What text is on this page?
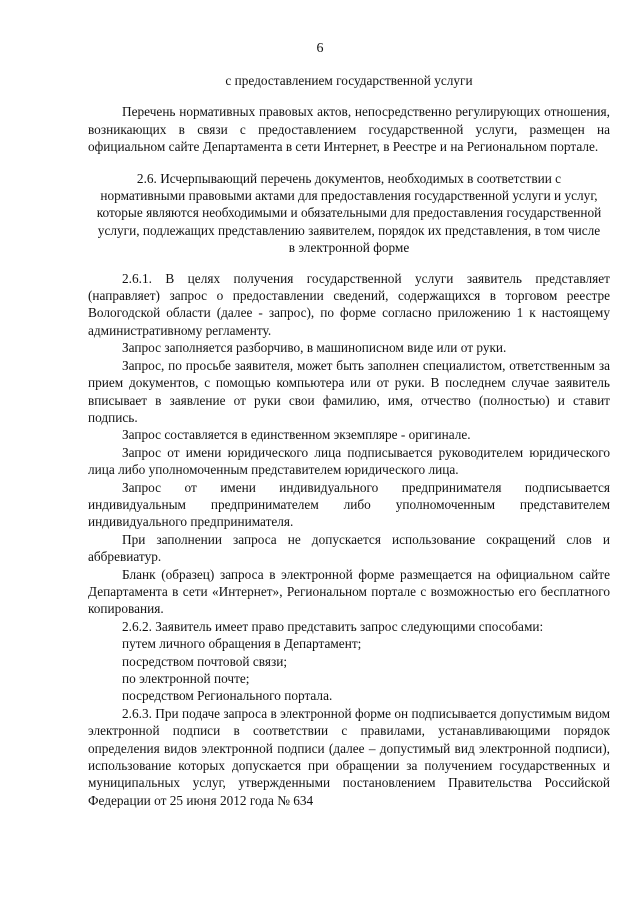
6

с предоставлением государственной услуги

Перечень нормативных правовых актов, непосредственно регулирующих отношения, возникающих в связи с предоставлением государственной услуги, размещен на официальном сайте Департамента в сети Интернет, в Реестре и на Региональном портале.

2.6. Исчерпывающий перечень документов, необходимых в соответствии с нормативными правовыми актами для предоставления государственной услуги и услуг, которые являются необходимыми и обязательными для предоставления государственной услуги, подлежащих представлению заявителем, порядок их представления, в том числе в электронной форме

2.6.1. В целях получения государственной услуги заявитель представляет (направляет) запрос о предоставлении сведений, содержащихся в торговом реестре Вологодской области (далее - запрос), по форме согласно приложению 1 к настоящему административному регламенту.

Запрос заполняется разборчиво, в машинописном виде или от руки.

Запрос, по просьбе заявителя, может быть заполнен специалистом, ответственным за прием документов, с помощью компьютера или от руки. В последнем случае заявитель вписывает в заявление от руки свои фамилию, имя, отчество (полностью) и ставит подпись.

Запрос составляется в единственном экземпляре - оригинале.

Запрос от имени юридического лица подписывается руководителем юридического лица либо уполномоченным представителем юридического лица.

Запрос от имени индивидуального предпринимателя подписывается индивидуальным предпринимателем либо уполномоченным представителем индивидуального предпринимателя.

При заполнении запроса не допускается использование сокращений слов и аббревиатур.

Бланк (образец) запроса в электронной форме размещается на официальном сайте Департамента в сети «Интернет», Региональном портале с возможностью его бесплатного копирования.

2.6.2. Заявитель имеет право представить запрос следующими способами:

путем личного обращения в Департамент;

посредством почтовой связи;

по электронной почте;

посредством Регионального портала.

2.6.3. При подаче запроса в электронной форме он подписывается допустимым видом электронной подписи в соответствии с правилами, устанавливающими порядок определения видов электронной подписи (далее – допустимый вид электронной подписи), использование которых допускается при обращении за получением государственных и муниципальных услуг, утвержденными постановлением Правительства Российской Федерации от 25 июня 2012 года № 634
